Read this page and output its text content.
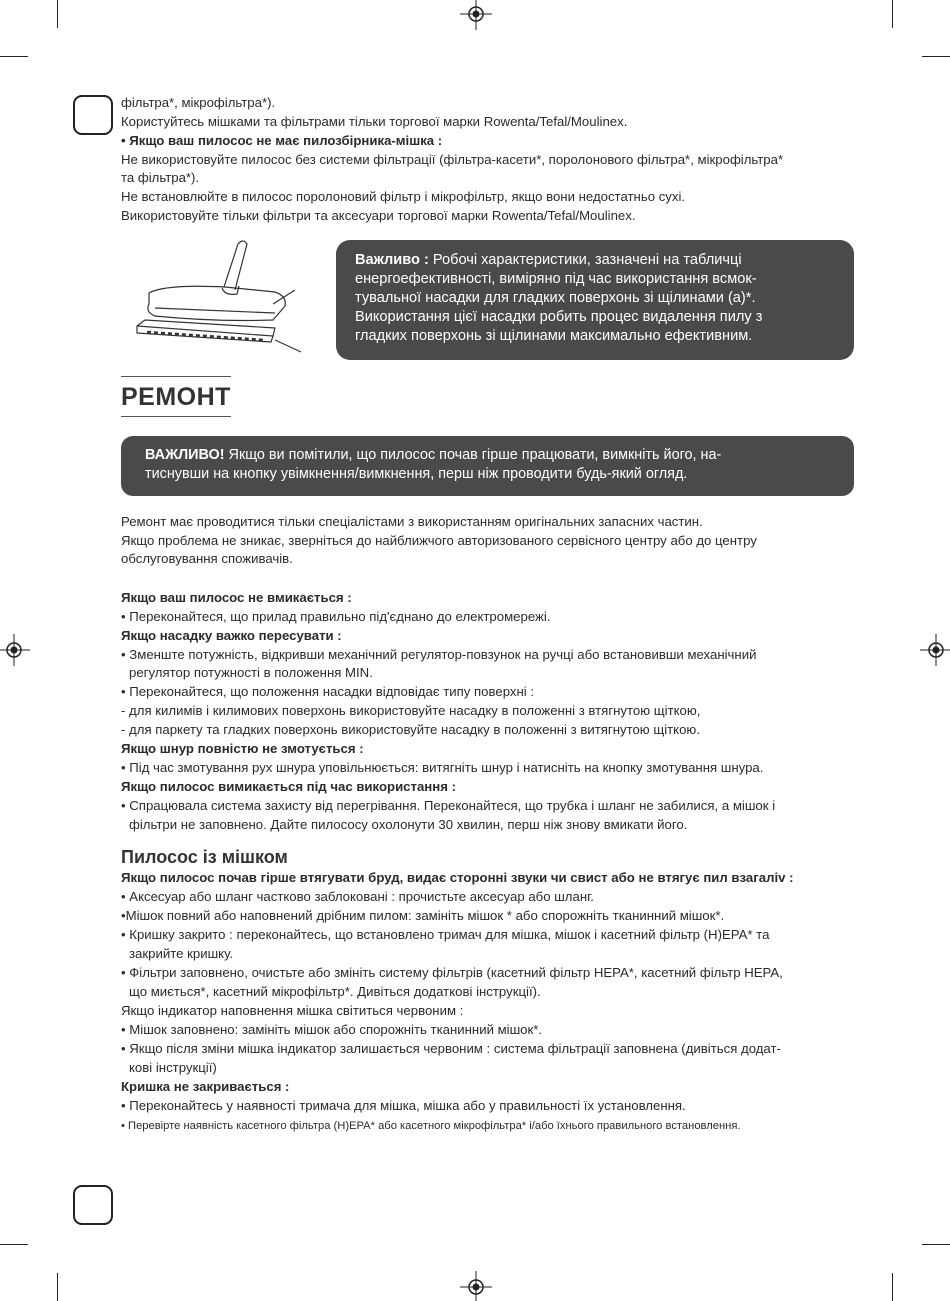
фільтра*, мікрофільтра*).
Користуйтесь мішками та фільтрами тільки торгової марки Rowenta/Tefal/Moulinex.
• Якщо ваш пилосос не має пилозбірника-мішка :
Не використовуйте пилосос без системи фільтрації (фільтра-касети*, поролонового фільтра*, мікрофільтра*
та фільтра*).
Не встановлюйте в пилосос поролоновий фільтр і мікрофільтр, якщо вони недостатньо сухі.
Використовуйте тільки фільтри та аксесуари торгової марки Rowenta/Tefal/Moulinex.
Важливо : Робочі характеристики, зазначені на табличці
енергоефективності, виміряно під час використання всмок-
тувальної насадки для гладких поверхонь зі щілинами (a)*.
Використання цієї насадки робить процес видалення пилу з
гладких поверхонь зі щілинами максимально ефективним.
РЕМОНТ
ВАЖЛИВО! Якщо ви помітили, що пилосос почав гірше працювати, вимкніть його, на-
тиснувши на кнопку увімкнення/вимкнення, перш ніж проводити будь-який огляд.
Ремонт має проводитися тільки спеціалістами з використанням оригінальних запасних частин.
Якщо проблема не зникає, зверніться до найближчого авторизованого сервісного центру або до центру
обслуговування споживачів.
Якщо ваш пилосос не вмикається :
• Переконайтеся, що прилад правильно під'єднано до електромережі.
Якщо насадку важко пересувати :
• Зменште потужність, відкривши механічний регулятор-повзунок на ручці або встановивши механічний
регулятор потужності в положення MIN.
• Переконайтеся, що положення насадки відповідає типу поверхні :
- для килимів і килимових поверхонь використовуйте насадку в положенні з втягнутою щіткою,
- для паркету та гладких поверхонь використовуйте насадку в положенні з витягнутою щіткою.
Якщо шнур повністю не змотується :
• Під час змотування рух шнура уповільнюється: витягніть шнур і натисніть на кнопку змотування шнура.
Якщо пилосос вимикається під час використання :
• Спрацювала система захисту від перегрівання. Переконайтеся, що трубка і шланг не забилися, а мішок і
фільтри не заповнено. Дайте пилососу охолонути 30 хвилин, перш ніж знову вмикати його.
Пилосос із мішком
Якщо пилосос почав гірше втягувати бруд, видає сторонні звуки чи свист або не втягує пил взагаліv :
• Аксесуар або шланг частково заблоковані : прочистьте аксесуар або шланг.
•Мішок повний або наповнений дрібним пилом: замініть мішок * або спорожніть тканинний мішок*.
• Кришку закрито : переконайтесь, що встановлено тримач для мішка, мішок і касетний фільтр (H)EPA* та
закрийте кришку.
• Фільтри заповнено, очистьте або змініть систему фільтрів (касетний фільтр HEPA*, касетний фільтр HEPA,
що миється*, касетний мікрофільтр*. Дивіться додаткові інструкції).
Якщо індикатор наповнення мішка світиться червоним :
• Мішок заповнено: замініть мішок або спорожніть тканинний мішок*.
• Якщо після зміни мішка індикатор залишається червоним : система фільтрації заповнена (дивіться додат-
кові інструкції)
Кришка не закривається :
• Переконайтесь у наявності тримача для мішка, мішка або у правильності їх установлення.
• Перевірте наявність касетного фільтра (H)EPA* або касетного мікрофільтра* і/або їхнього правильного встановлення.
